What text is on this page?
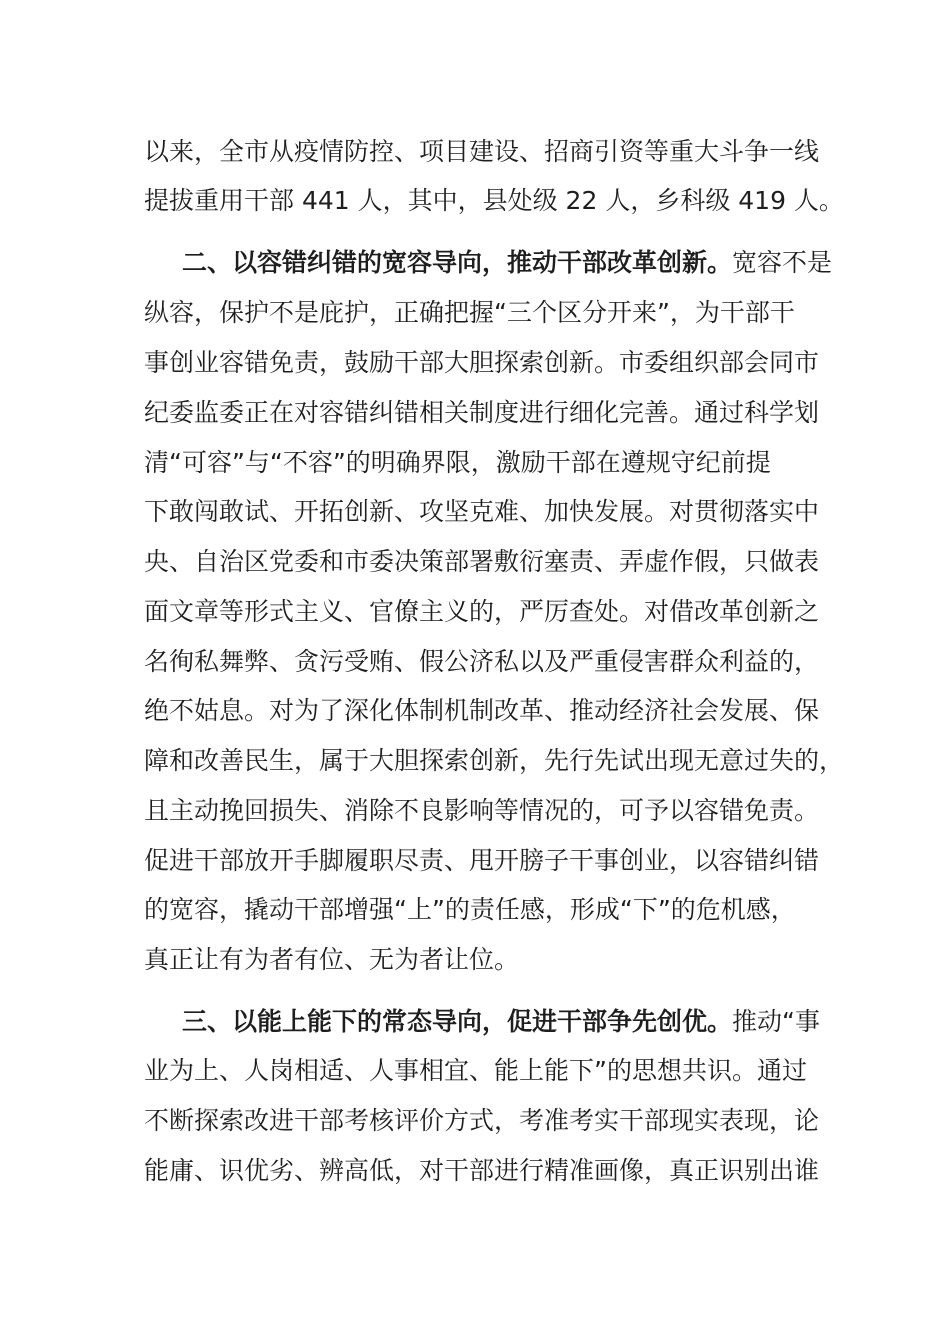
以来，全市从疫情防控、项目建设、招商引资等重大斗争一线
提拔重用干部 441 人，其中，县处级 22 人，乡科级 419 人。
二、以容错纠错的宽容导向，推动干部改革创新。宽容不是
纵容，保护不是庇护，正确把握“三个区分开来”，为干部干
事创业容错免责，鼓励干部大胆探索创新。市委组织部会同市
纪委监委正在对容错纠错相关制度进行细化完善。通过科学划
清“可容”与“不容”的明确界限，激励干部在遵规守纪前提
下敢闯敢试、开拓创新、攻坚克难、加快发展。对贯彻落实中
央、自治区党委和市委决策部署敷衍塞责、弄虚作假，只做表
面文章等形式主义、官僚主义的，严厉查处。对借改革创新之
名徇私舞弊、贪污受贿、假公济私以及严重侵害群众利益的，
绝不姑息。对为了深化体制机制改革、推动经济社会发展、保
障和改善民生，属于大胆探索创新，先行先试出现无意过失的，
且主动挽回损失、消除不良影响等情况的，可予以容错免责。
促进干部放开手脚履职尽责、甩开膀子干事创业，以容错纠错
的宽容，撬动干部增强“上”的责任感，形成“下”的危机感，
真正让有为者有位、无为者让位。
三、以能上能下的常态导向，促进干部争先创优。推动“事
业为上、人岗相适、人事相宜、能上能下”的思想共识。通过
不断探索改进干部考核评价方式，考准考实干部现实表现，论
能庸、识优劣、辨高低，对干部进行精准画像，真正识别出谁
